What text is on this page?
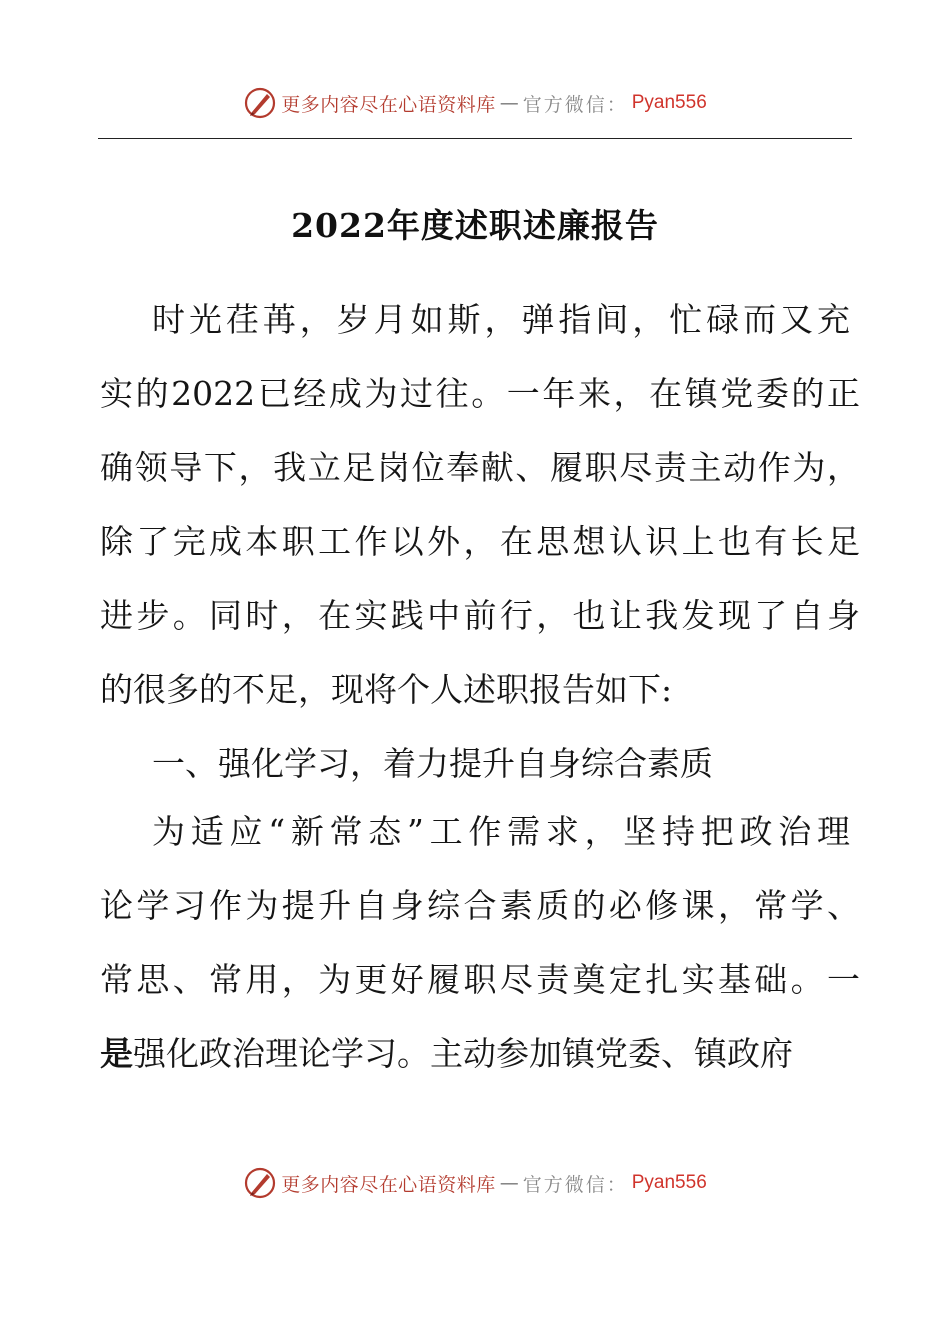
更多内容尽在心语资料库 — 官方微信： Pyan556
2022年度述职述廉报告
时光荏苒，岁月如斯，弹指间，忙碌而又充
实的2022已经成为过往。一年来，在镇党委的正
确领导下，我立足岗位奉献、履职尽责主动作为，
除了完成本职工作以外，在思想认识上也有长足
进步。同时，在实践中前行，也让我发现了自身
的很多的不足，现将个人述职报告如下:
一、强化学习，着力提升自身综合素质
为适应“新常态”工作需求，坚持把政治理
论学习作为提升自身综合素质的必修课，常学、
常思、常用，为更好履职尽责奠定扎实基础。一
是强化政治理论学习。主动参加镇党委、镇政府
更多内容尽在心语资料库 — 官方微信： Pyan556
